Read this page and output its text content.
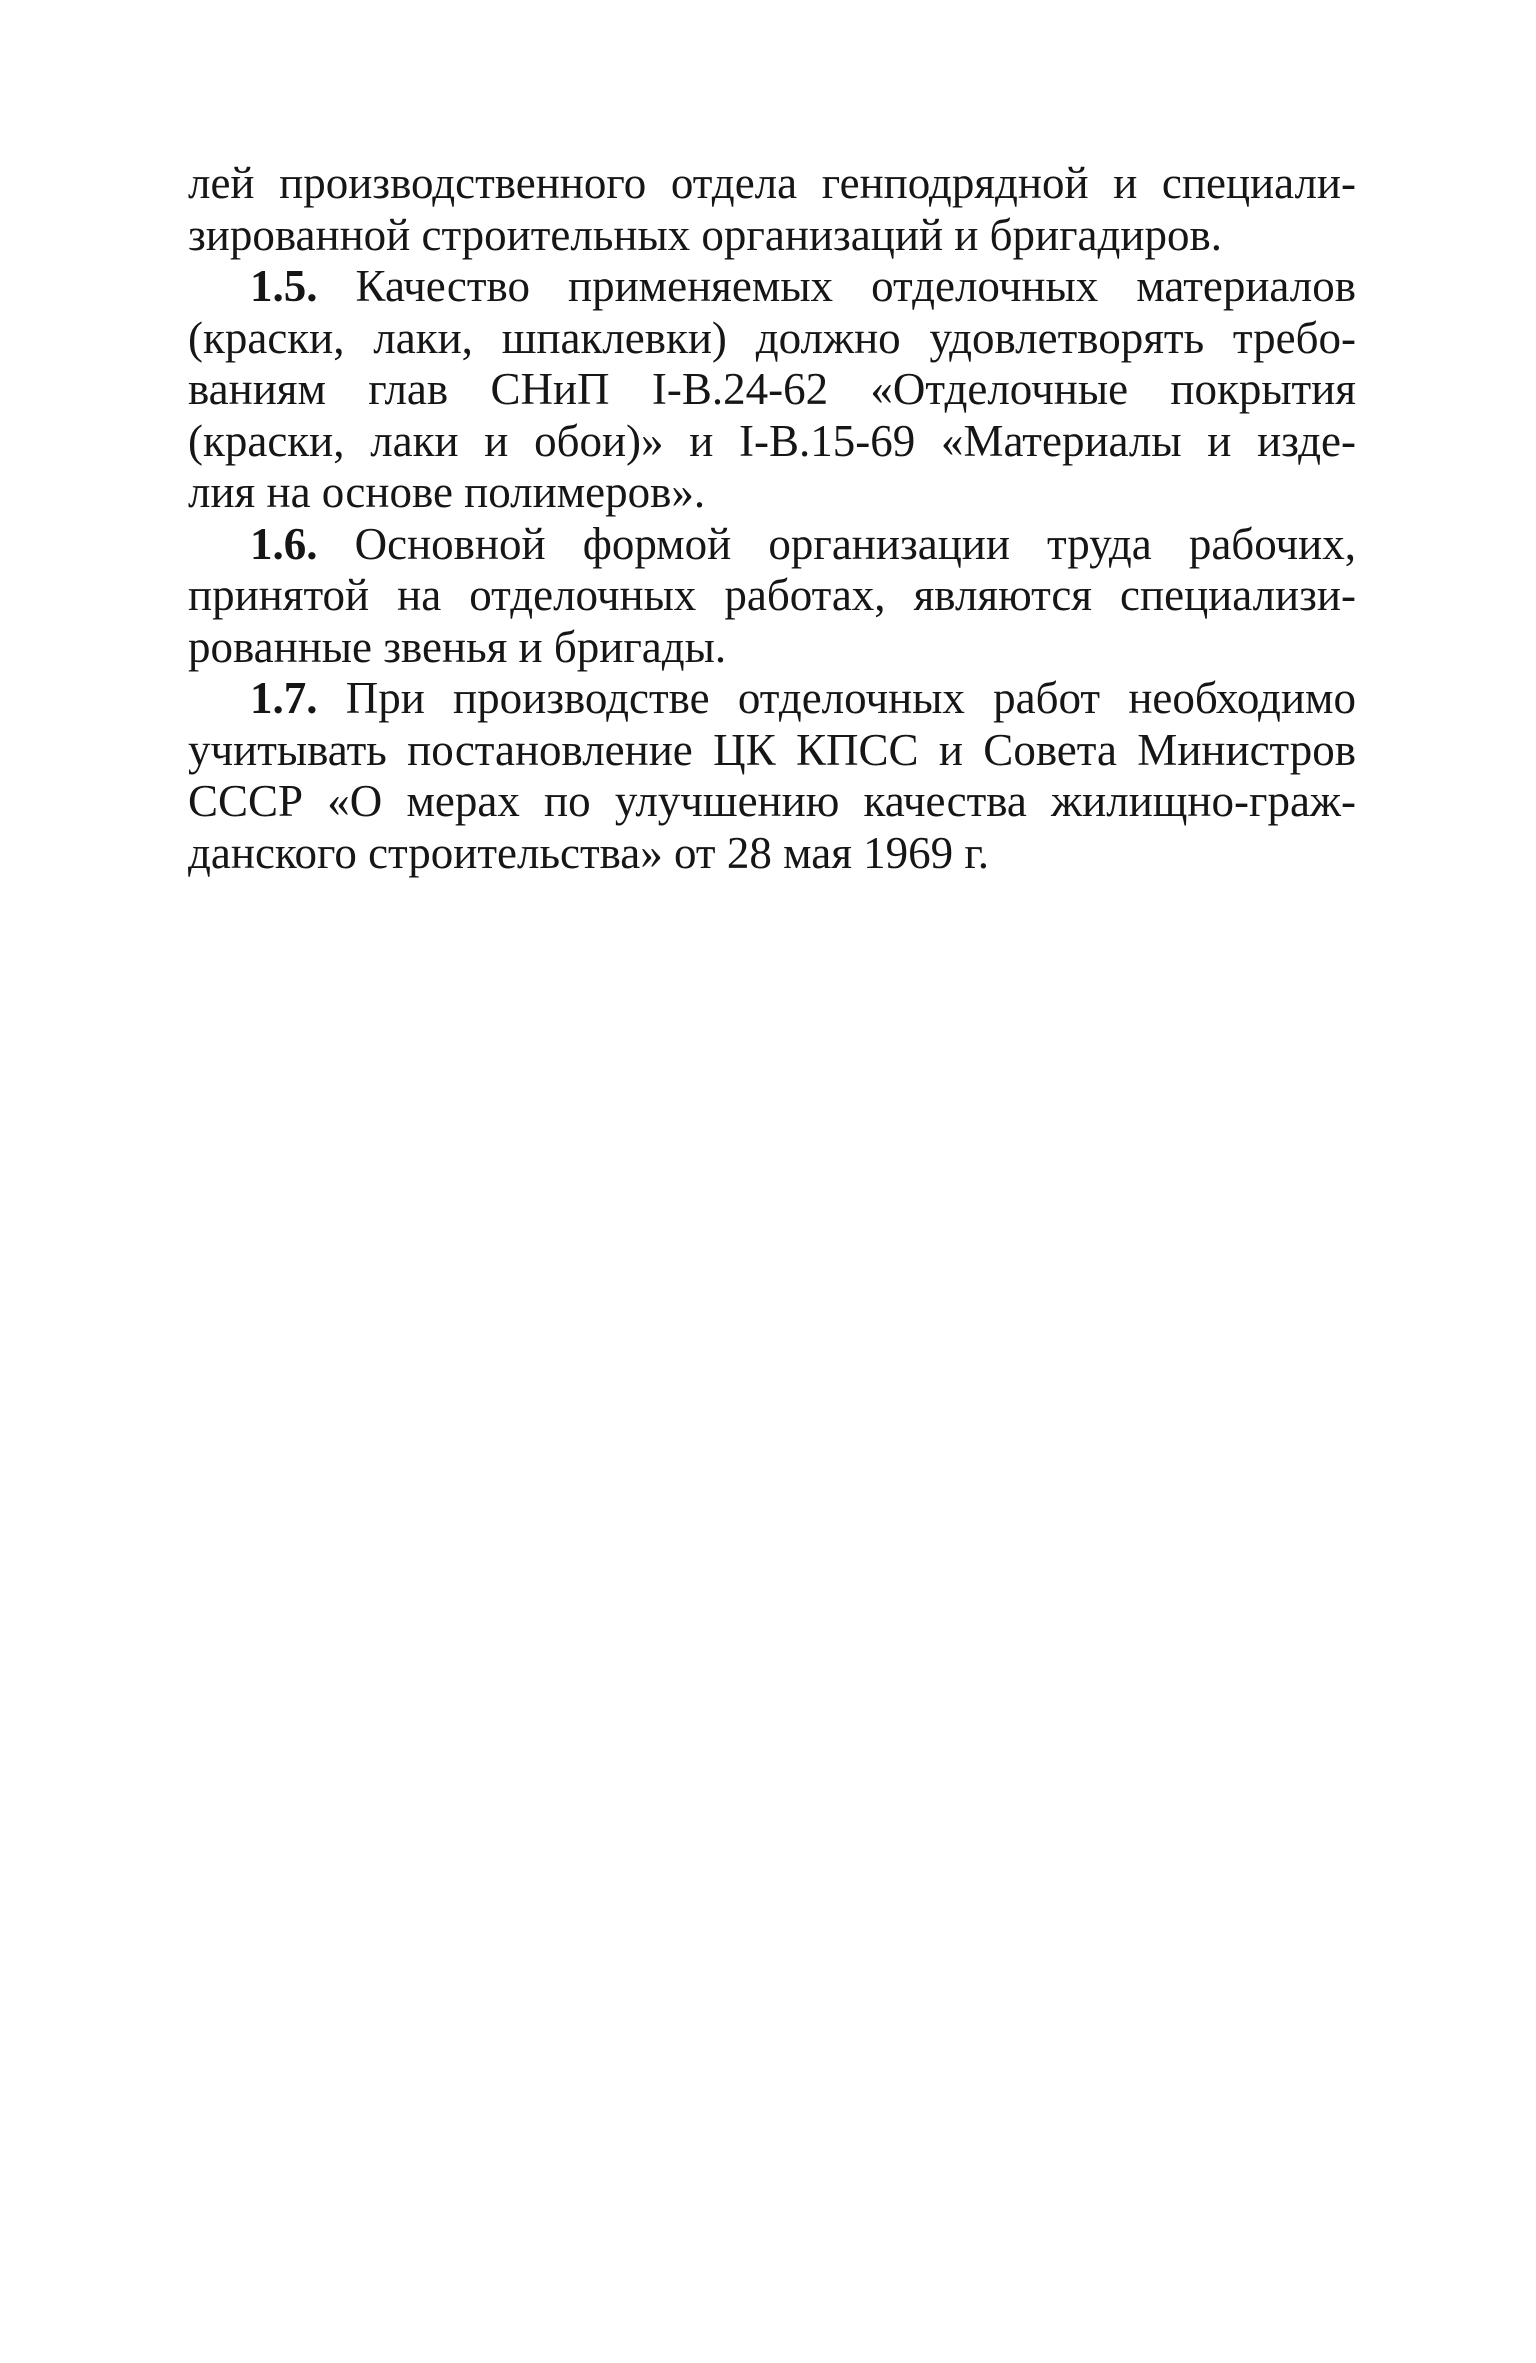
лей производственного отдела генподрядной и специали-
зированной строительных организаций и бригадиров.
1.5. Качество применяемых отделочных материалов
(краски, лаки, шпаклевки) должно удовлетворять требо-
ваниям глав СНиП I-B.24-62 «Отделочные покрытия
(краски, лаки и обои)» и I-B.15-69 «Материалы и изде-
лия на основе полимеров».
1.6. Основной формой организации труда рабочих,
принятой на отделочных работах, являются специализи-
рованные звенья и бригады.
1.7. При производстве отделочных работ необходимо
учитывать постановление ЦК КПСС и Совета Министров
СССР «О мерах по улучшению качества жилищно-граж-
данского строительства» от 28 мая 1969 г.
